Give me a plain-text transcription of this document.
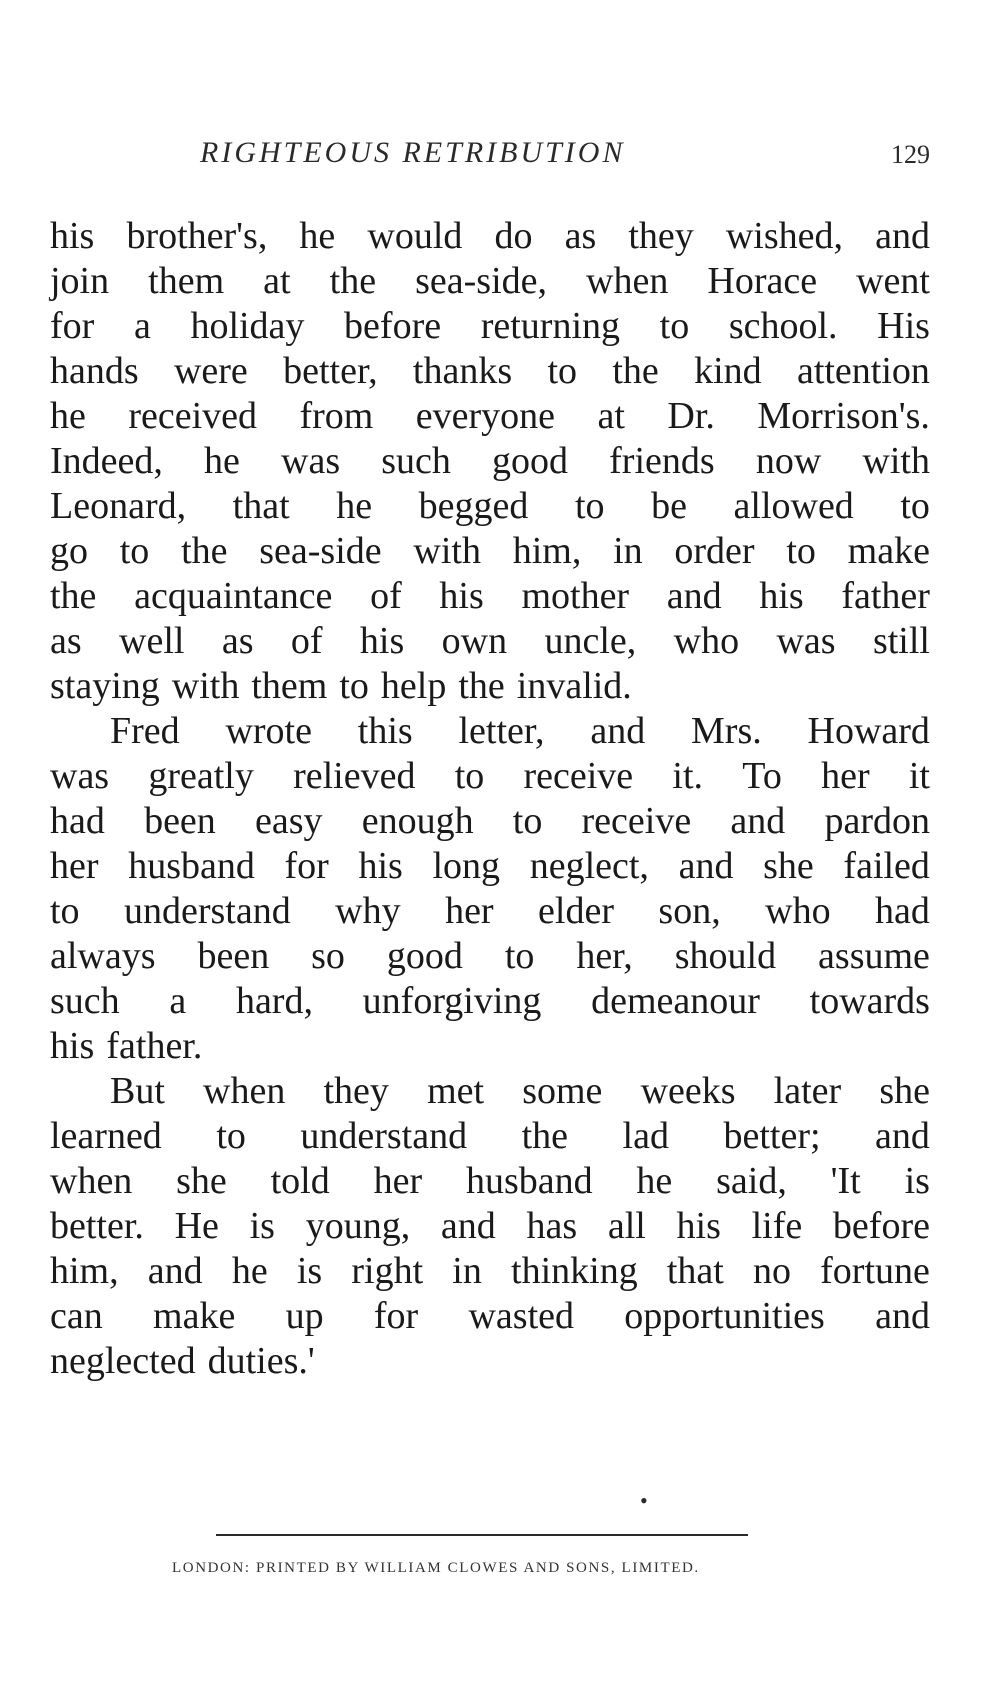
RIGHTEOUS RETRIBUTION	129
his brother's, he would do as they wished, and
join them at the sea-side, when Horace went
for a holiday before returning to school. His
hands were better, thanks to the kind attention
he received from everyone at Dr. Morrison's.
Indeed, he was such good friends now with
Leonard, that he begged to be allowed to
go to the sea-side with him, in order to make
the acquaintance of his mother and his father
as well as of his own uncle, who was still
staying with them to help the invalid.
Fred wrote this letter, and Mrs. Howard
was greatly relieved to receive it. To her it
had been easy enough to receive and pardon
her husband for his long neglect, and she failed
to understand why her elder son, who had
always been so good to her, should assume
such a hard, unforgiving demeanour towards
his father.
But when they met some weeks later she
learned to understand the lad better; and
when she told her husband he said, 'It is
better. He is young, and has all his life before
him, and he is right in thinking that no fortune
can make up for wasted opportunities and
neglected duties.'
•
LONDON: PRINTED BY WILLIAM CLOWES AND SONS, LIMITED.
